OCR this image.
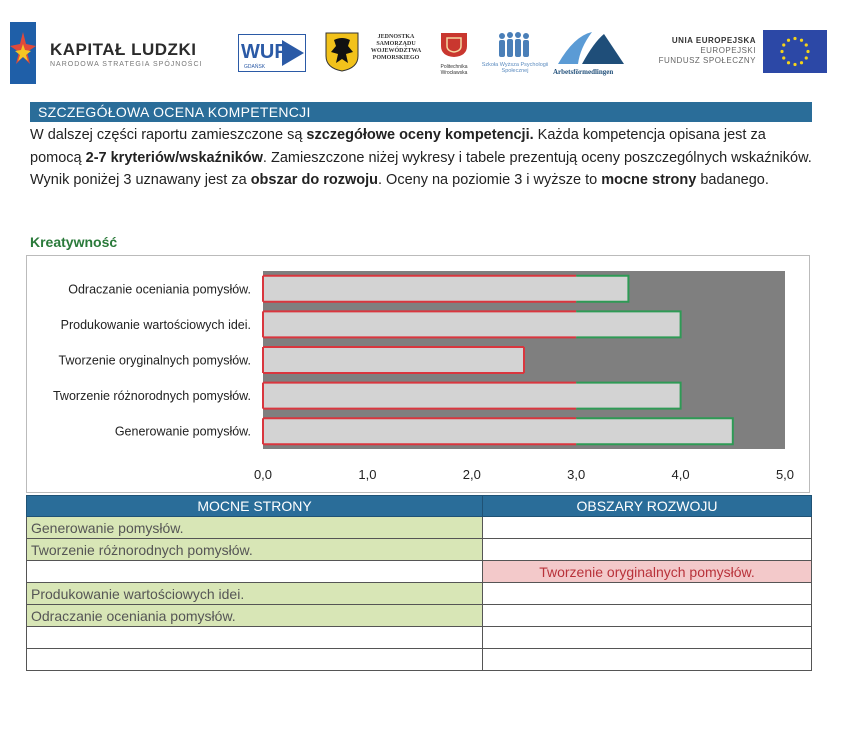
KAPITAŁ LUDZKI
NARODOWA STRATEGIA SPÓJNOŚCI
WUP
GDAŃSK
JEDNOSTKA SAMORZĄDU WOJEWÓDZTWA POMORSKIEGO
Politechnika Wrocławska
Szkoła Wyższa Psychologii Społecznej	Arbetsförmedlingen
UNIA EUROPEJSKA
EUROPEJSKI
FUNDUSZ SPOŁECZNY
SZCZEGÓŁOWA OCENA KOMPETENCJI
W dalszej części raportu zamieszczone są szczegółowe oceny kompetencji. Każda kompetencja opisana jest za pomocą 2-7 kryteriów/wskaźników. Zamieszczone niżej wykresy i tabele prezentują oceny poszczególnych wskaźników. Wynik poniżej 3 uznawany jest za obszar do rozwoju. Oceny na poziomie 3 i wyższe to mocne strony badanego.
Kreatywność
Odraczanie oceniania pomysłów.
Produkowanie wartościowych idei.
Tworzenie oryginalnych pomysłów.
Tworzenie różnorodnych pomysłów.
Generowanie pomysłów.
0,0	1,0	2,0	3,0	4,0	5,0
MOCNE STRONY	OBSZARY ROZWOJU
Generowanie pomysłów.	
Tworzenie różnorodnych pomysłów.	
	Tworzenie oryginalnych pomysłów.
Produkowanie wartościowych idei.	
Odraczanie oceniania pomysłów.	
